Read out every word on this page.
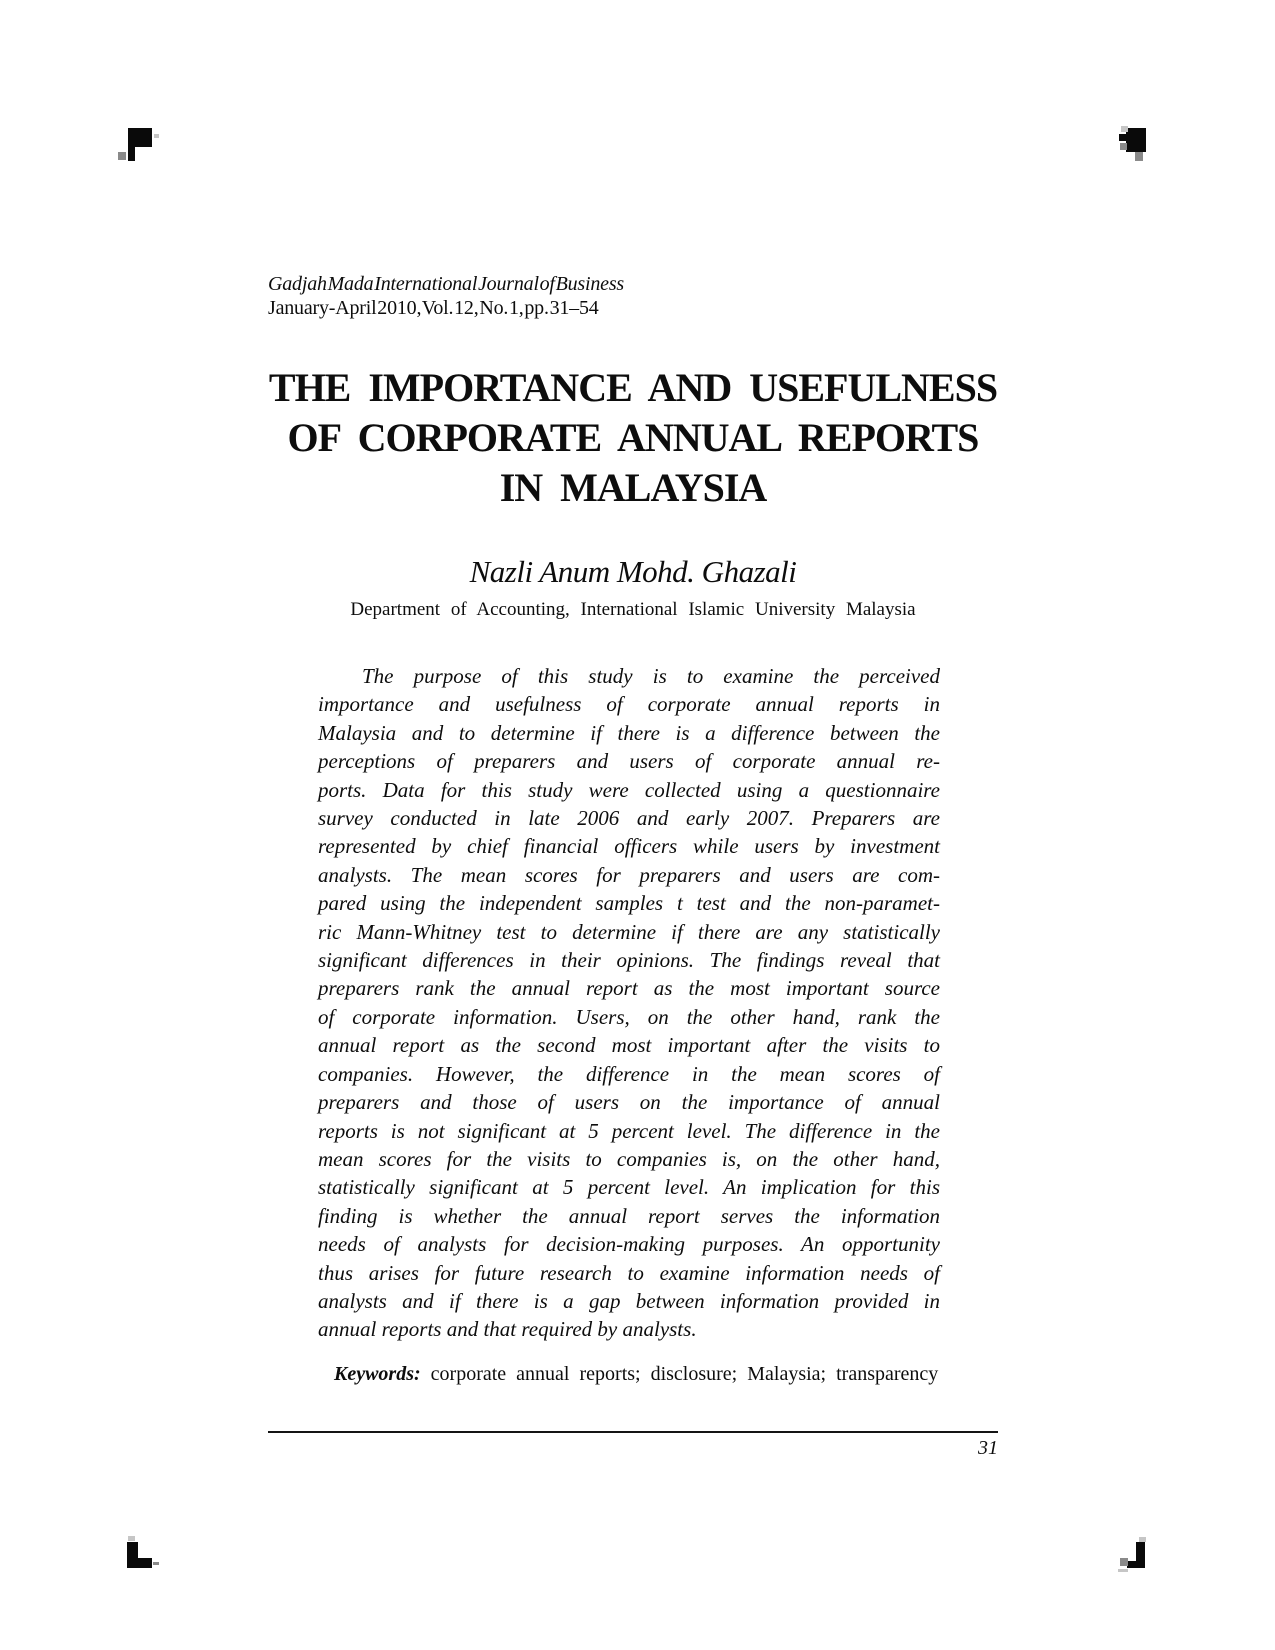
Gadjah Mada International Journal of Business
January-April 2010, Vol. 12, No. 1, pp. 31–54
THE IMPORTANCE AND USEFULNESS
OF CORPORATE ANNUAL REPORTS
IN MALAYSIA
Nazli Anum Mohd. Ghazali
Department of Accounting, International Islamic University Malaysia
The purpose of this study is to examine the perceived
importance and usefulness of corporate annual reports in
Malaysia and to determine if there is a difference between the
perceptions of preparers and users of corporate annual re-
ports. Data for this study were collected using a questionnaire
survey conducted in late 2006 and early 2007. Preparers are
represented by chief financial officers while users by investment
analysts. The mean scores for preparers and users are com-
pared using the independent samples t test and the non-paramet-
ric Mann-Whitney test to determine if there are any statistically
significant differences in their opinions. The findings reveal that
preparers rank the annual report as the most important source
of corporate information. Users, on the other hand, rank the
annual report as the second most important after the visits to
companies. However, the difference in the mean scores of
preparers and those of users on the importance of annual
reports is not significant at 5 percent level. The difference in the
mean scores for the visits to companies is, on the other hand,
statistically significant at 5 percent level. An implication for this
finding is whether the annual report serves the information
needs of analysts for decision-making purposes. An opportunity
thus arises for future research to examine information needs of
analysts and if there is a gap between information provided in
annual reports and that required by analysts.
Keywords: corporate annual reports; disclosure; Malaysia; transparency
31
